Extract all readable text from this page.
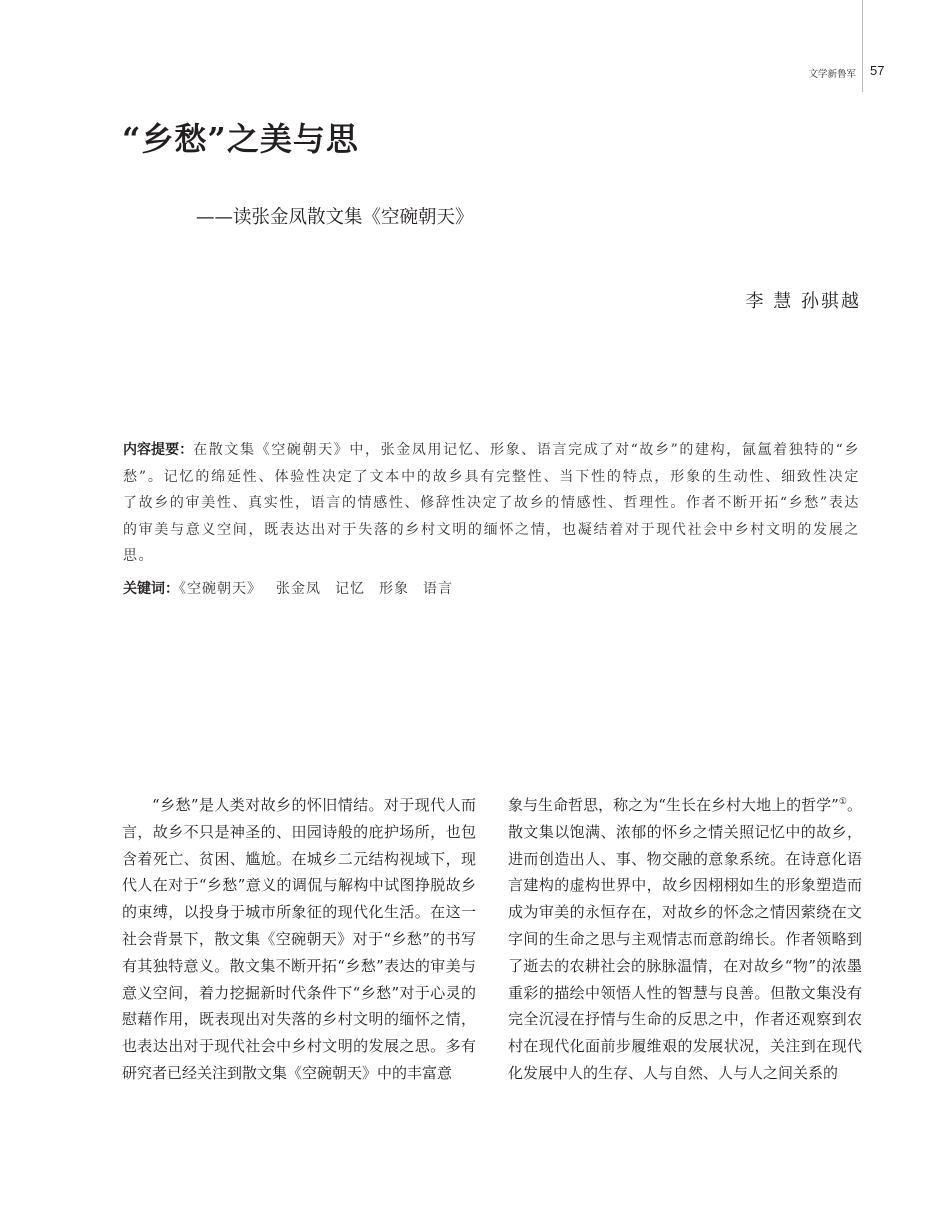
文学新鲁军 57
“乡愁”之美与思
——读张金凤散文集《空碗朝天》
李 慧 孙骐越
内容提要：在散文集《空碗朝天》中，张金凤用记忆、形象、语言完成了对“故乡”的建构，氤氲着独特的“乡愁”。记忆的绵延性、体验性决定了文本中的故乡具有完整性、当下性的特点，形象的生动性、细致性决定了故乡的审美性、真实性，语言的情感性、修辞性决定了故乡的情感性、哲理性。作者不断开拓“乡愁”表达的审美与意义空间，既表达出对于失落的乡村文明的缅怀之情，也凝结着对于现代社会中乡村文明的发展之思。
关键词：《空碗朝天》 张金凤 记忆 形象 语言

“乡愁”是人类对故乡的怀旧情结。对于现代人而言，故乡不只是神圣的、田园诗般的庇护场所，也包含着死亡、贫困、尴尬。在城乡二元结构视域下，现代人在对于“乡愁”意义的调侃与解构中试图挣脱故乡的束缚，以投身于城市所象征的现代化生活。在这一社会背景下，散文集《空碗朝天》对于“乡愁”的书写有其独特意义。散文集不断开拓“乡愁”表达的审美与意义空间，着力挖掘新时代条件下“乡愁”对于心灵的慰藉作用，既表现出对失落的乡村文明的缅怀之情，也表达出对于现代社会中乡村文明的发展之思。多有研究者已经关注到散文集《空碗朝天》中的丰富意

象与生命哲思，称之为“生长在乡村大地上的哲学”①。散文集以饱满、浓郁的怀乡之情关照记忆中的故乡，进而创造出人、事、物交融的意象系统。在诗意化语言建构的虚构世界中，故乡因栩栩如生的形象塑造而成为审美的永恒存在，对故乡的怀念之情因萦绕在文字间的生命之思与主观情志而意韵绵长。作者领略到了逝去的农耕社会的脉脉温情，在对故乡“物”的浓墨重彩的描绘中领悟人性的智慧与良善。但散文集没有完全沉浸在抒情与生命的反思之中，作者还观察到农村在现代化面前步履维艰的发展状况，关注到在现代化发展中人的生存、人与自然、人与人之间关系的
